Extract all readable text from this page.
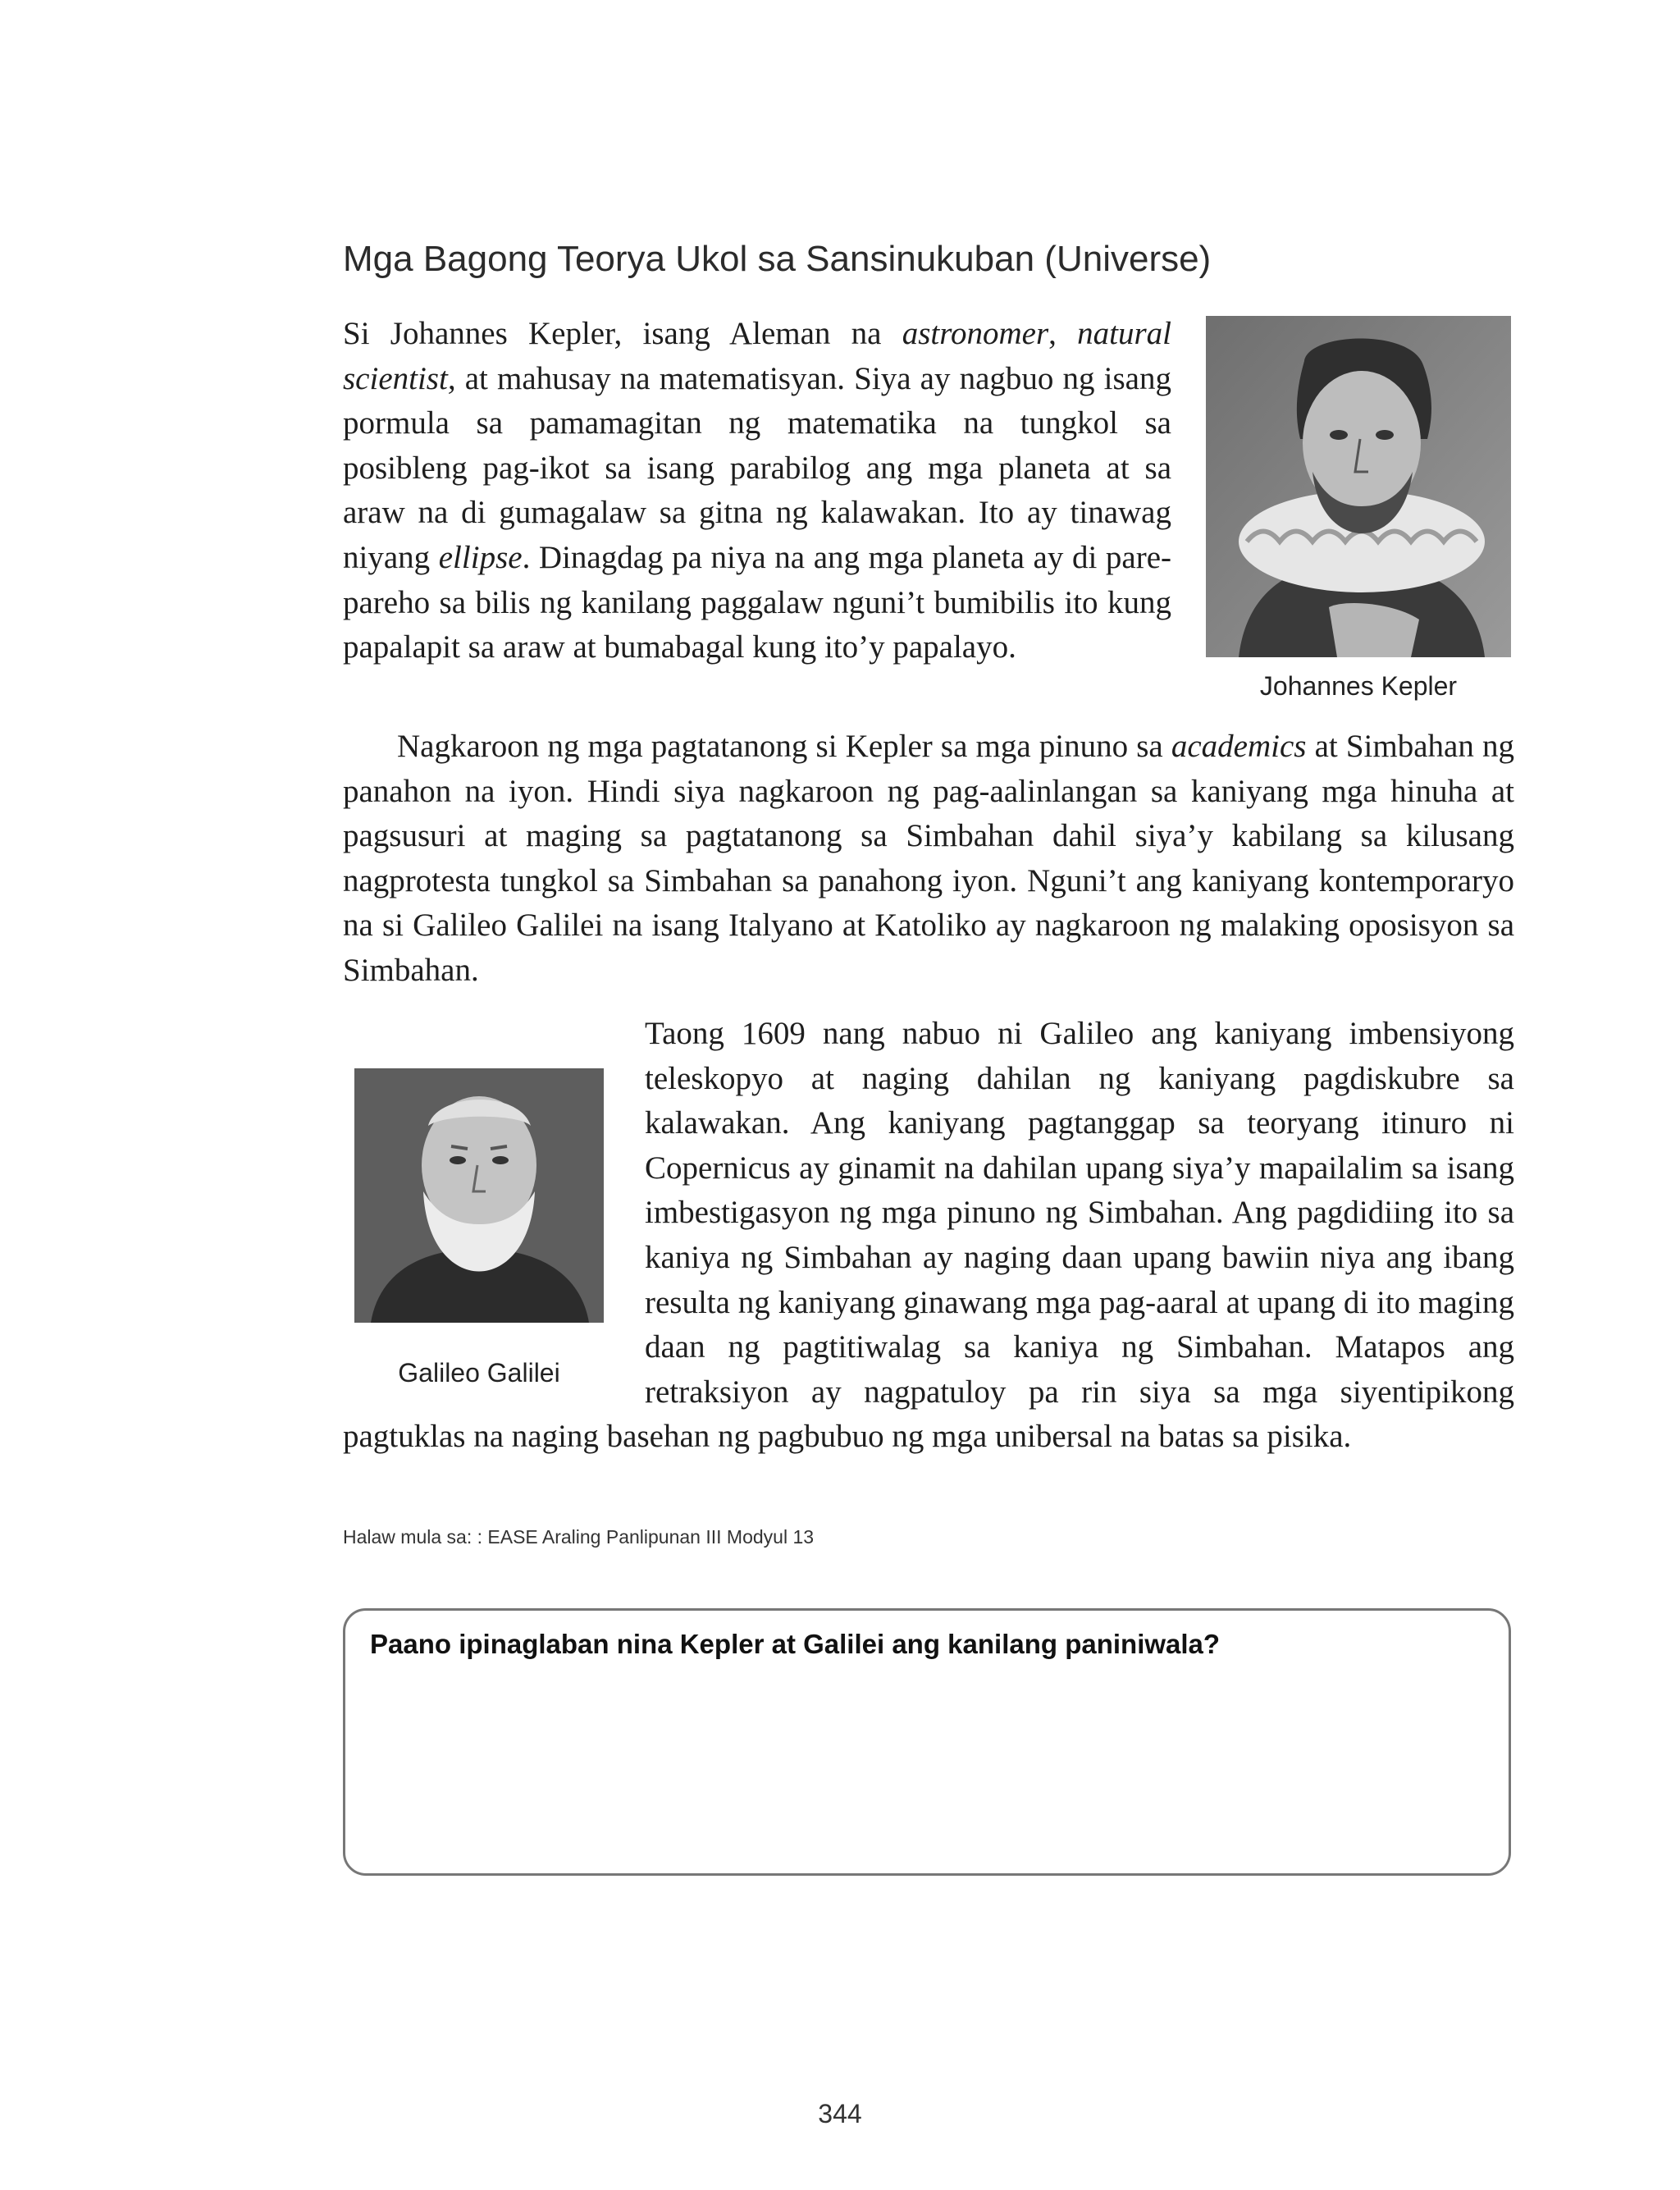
Mga Bagong Teorya Ukol sa Sansinukuban (Universe)

Si Johannes Kepler, isang Aleman na astronomer, natural scientist, at mahusay na matematisyan. Siya ay nagbuo ng isang pormula sa pamamagitan ng matematika na tungkol sa posibleng pag-ikot sa isang parabilog ang mga planeta at sa araw na di gumagalaw sa gitna ng kalawakan. Ito ay tinawag niyang ellipse. Dinagdag pa niya na ang mga planeta ay di pare-pareho sa bilis ng kanilang paggalaw nguni’t bumibilis ito kung papalapit sa araw at bumabagal kung ito’y papalayo.

Johannes Kepler

Nagkaroon ng mga pagtatanong si Kepler sa mga pinuno sa academics at Simbahan ng panahon na iyon. Hindi siya nagkaroon ng pag-aalinlangan sa kaniyang mga hinuha at pagsusuri at maging sa pagtatanong sa Simbahan dahil siya’y kabilang sa kilusang nagprotesta tungkol sa Simbahan sa panahong iyon. Nguni’t ang kaniyang kontemporaryo na si Galileo Galilei na isang Italyano at Katoliko ay nagkaroon ng malaking oposisyon sa Simbahan.

Taong 1609 nang nabuo ni Galileo ang kaniyang imbensiyong teleskopyo at naging dahilan ng kaniyang pagdiskubre sa kalawakan. Ang kaniyang pagtanggap sa teoryang itinuro ni Copernicus ay ginamit na dahilan upang siya’y mapailalim sa isang imbestigasyon ng mga pinuno ng Simbahan. Ang pagdidiing ito sa kaniya ng Simbahan ay naging daan upang bawiin niya ang ibang resulta ng kaniyang ginawang mga pag-aaral at upang di ito maging daan ng pagtitiwalag sa kaniya ng Simbahan. Matapos ang retraksiyon ay nagpatuloy pa rin siya sa mga siyentipikong pagtuklas na naging basehan ng pagbubuo ng mga unibersal na batas sa pisika.

Galileo Galilei
Halaw mula sa: : EASE Araling Panlipunan III Modyul 13
Paano ipinaglaban nina Kepler at Galilei ang kanilang paniniwala?
344
